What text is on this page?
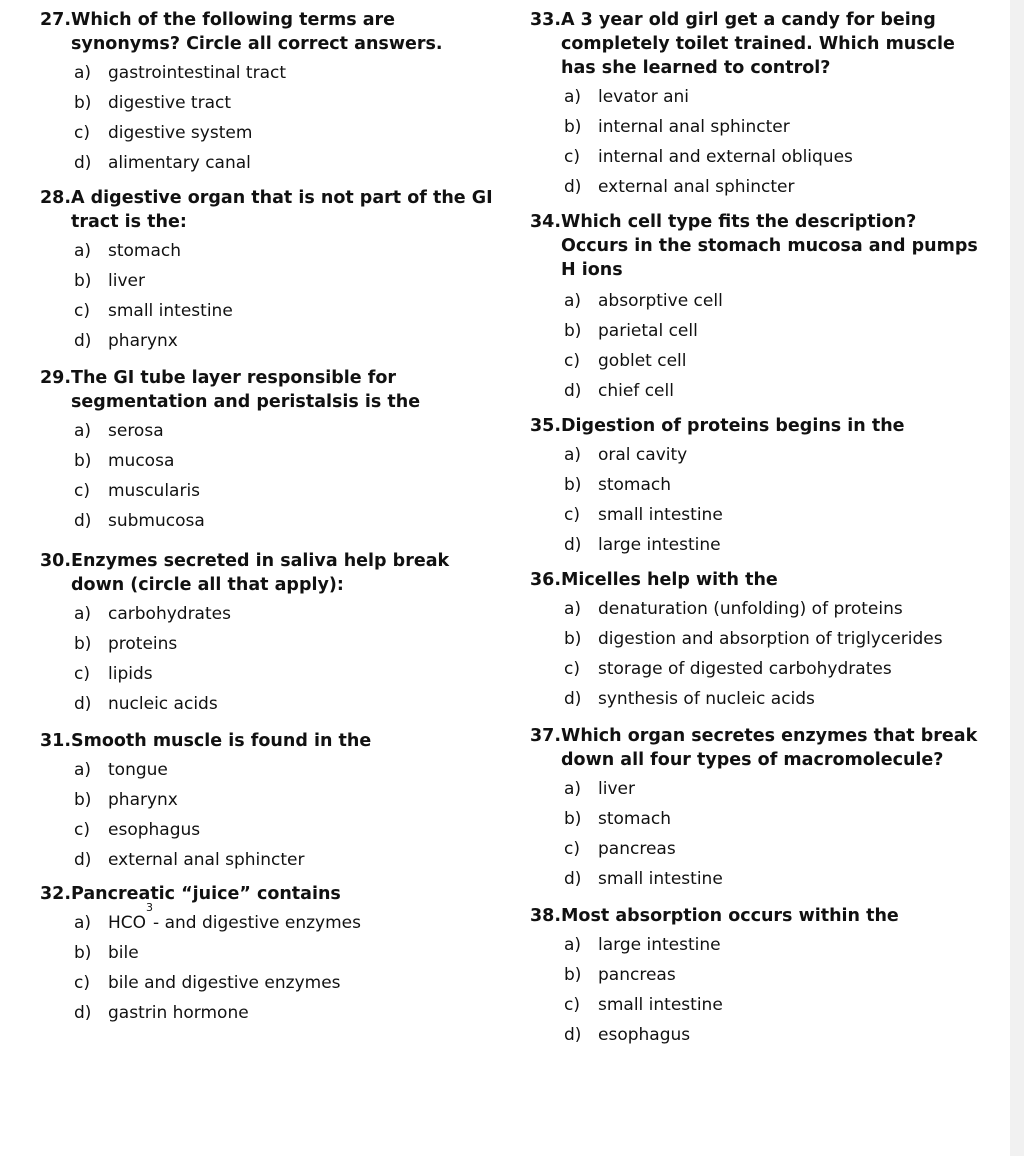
27. Which of the following terms are
synonyms? Circle all correct answers.
a) gastrointestinal tract
b) digestive tract
c)	digestive system
d) alimentary canal
28. A digestive organ that is not part of the GI
tract is the:
a) stomach
b) liver
c)	small intestine
d) pharynx
29. The GI tube layer responsible for
segmentation and peristalsis is the
a) serosa
b) mucosa
c)	muscularis
d) submucosa
30. Enzymes secreted in saliva help break
down (circle all that apply):
a) carbohydrates
b) proteins
c)	lipids
d) nucleic acids
31. Smooth muscle is found in the
a) tongue
b) pharynx
c)	esophagus
d) external anal sphincter
32. Pancreatic “juice” contains
a) HCO
3
- and digestive enzymes
b) bile
c)	bile and digestive enzymes
d) gastrin hormone
33. A 3 year old girl get a candy for being
completely toilet trained. Which muscle
has she learned to control?
a) levator ani
b) internal anal sphincter
c)	internal and external obliques
d) external anal sphincter
34. Which cell type fits the description?
Occurs in the stomach mucosa and pumps
H ions
a) absorptive cell
b) parietal cell
c)	goblet cell
d) chief cell
35. Digestion of proteins begins in the
a) oral cavity
b) stomach
c)	small intestine
d) large intestine
36. Micelles help with the
a) denaturation (unfolding) of proteins
b) digestion and absorption of triglycerides
c)	storage of digested carbohydrates
d) synthesis of nucleic acids
37. Which organ secretes enzymes that break
down all four types of macromolecule?
a) liver
b) stomach
c)	pancreas
d) small intestine
38. Most absorption occurs within the
a) large intestine
b) pancreas
c)	small intestine
d) esophagus
